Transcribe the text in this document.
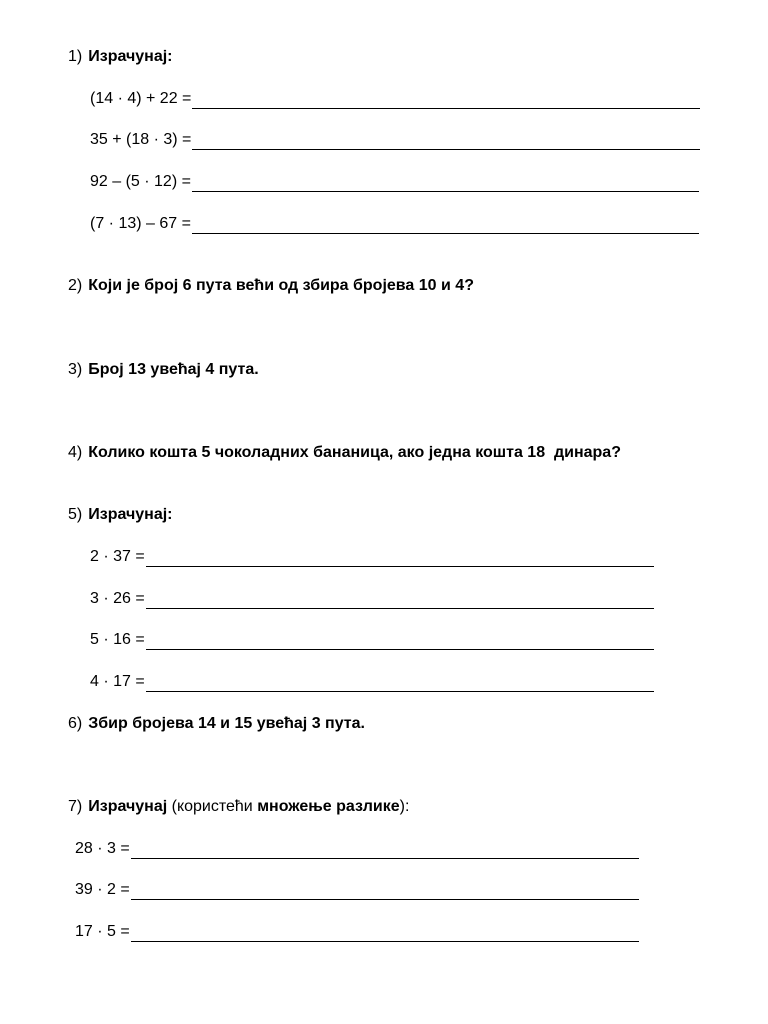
1) Израчунај:
(14 · 4) + 22 =
35 + (18 · 3) =
92 – (5 · 12) =
(7 · 13) – 67 =
2) Који је број 6 пута већи од збира бројева 10 и 4?
3) Број 13 увећај 4 пута.
4) Колико кошта 5 чоколадних бананица, ако једна кошта 18  динара?
5) Израчунај:
2 · 37 =
3 · 26 =
5 · 16 =
4 · 17 =
6) Збир бројева 14 и 15 увећај 3 пута.
7) Израчунај (користећи множење разлике ):
28 · 3 =
39 · 2 =
17 · 5 =
